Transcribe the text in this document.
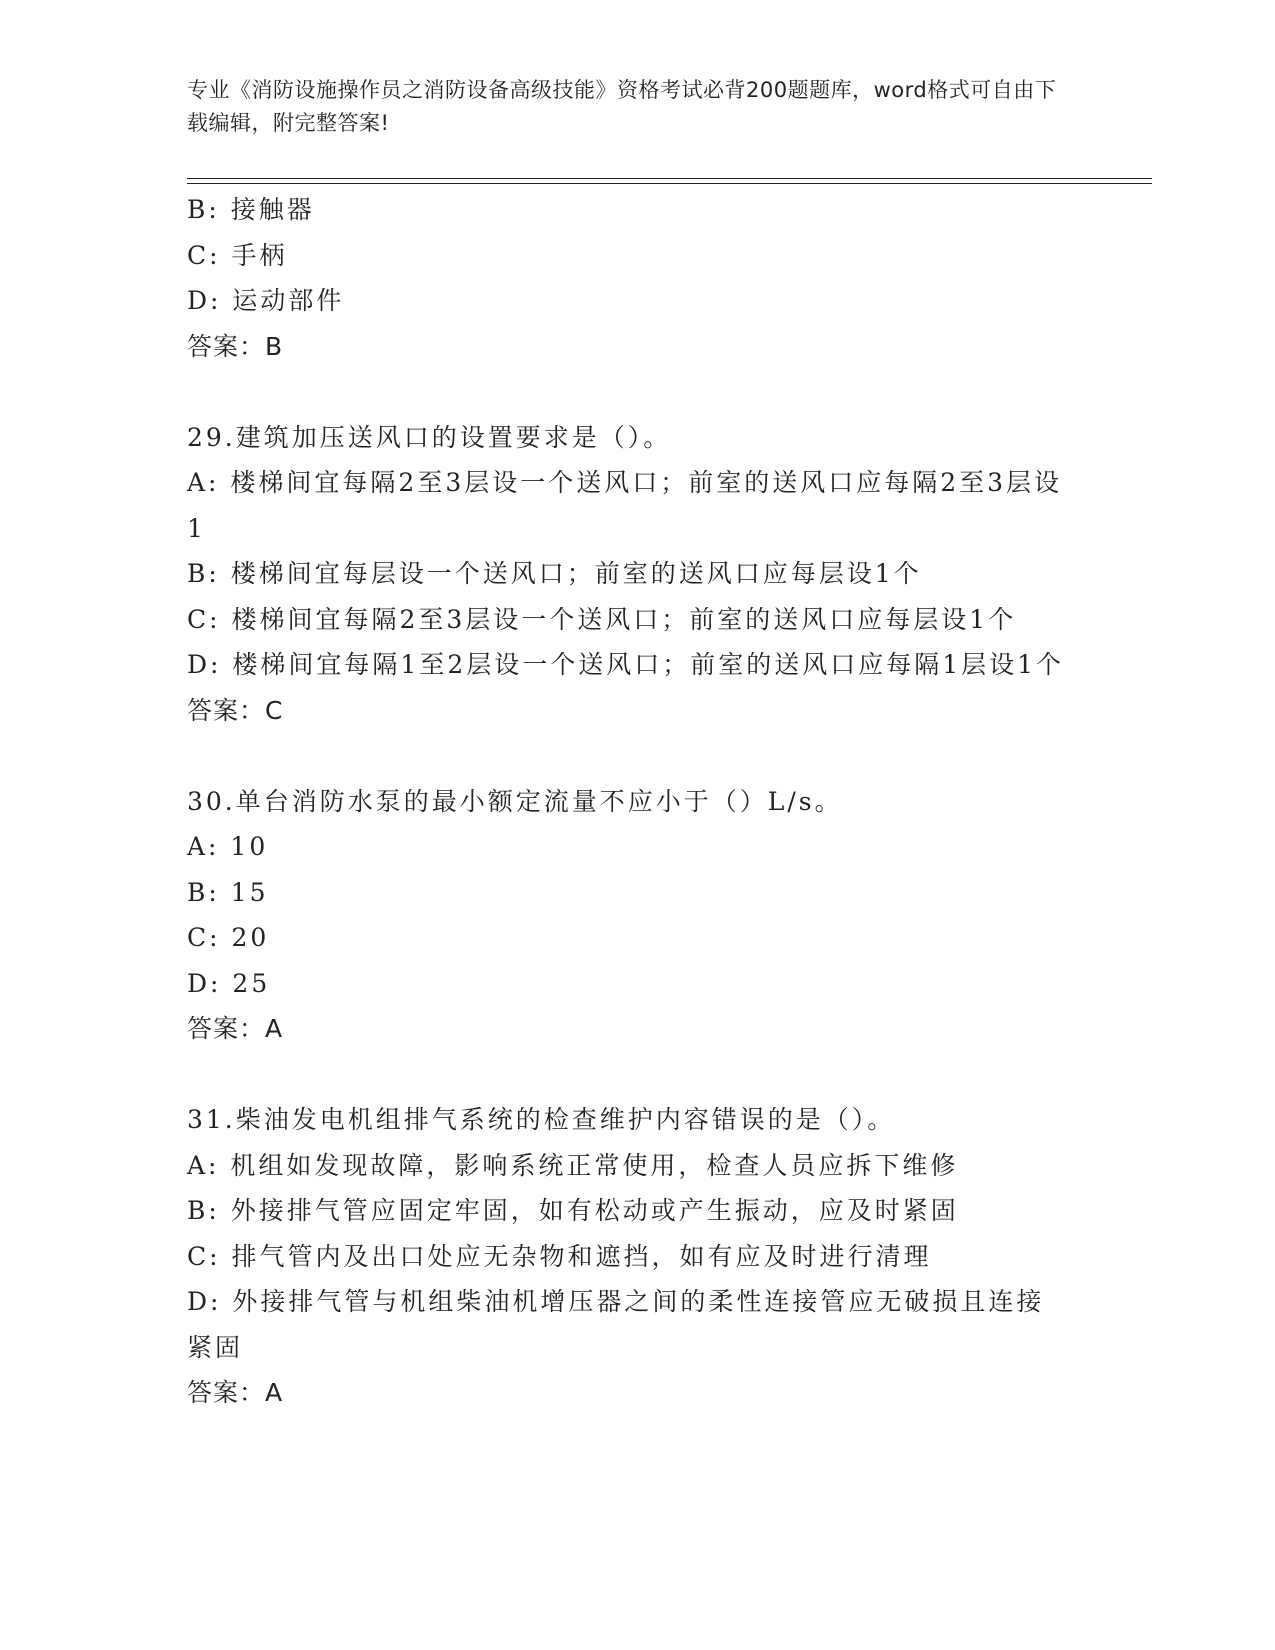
专业《消防设施操作员之消防设备高级技能》资格考试必背200题题库，word格式可自由下载编辑，附完整答案!
B: 接触器
C: 手柄
D: 运动部件
答案：B
29.建筑加压送风口的设置要求是（）。
A: 楼梯间宜每隔2至3层设一个送风口；前室的送风口应每隔2至3层设1
B: 楼梯间宜每层设一个送风口；前室的送风口应每层设1个
C: 楼梯间宜每隔2至3层设一个送风口；前室的送风口应每层设1个
D: 楼梯间宜每隔1至2层设一个送风口；前室的送风口应每隔1层设1个
答案：C
30.单台消防水泵的最小额定流量不应小于（）L/s。
A: 10
B: 15
C: 20
D: 25
答案：A
31.柴油发电机组排气系统的检查维护内容错误的是（）。
A: 机组如发现故障，影响系统正常使用，检查人员应拆下维修
B: 外接排气管应固定牢固，如有松动或产生振动，应及时紧固
C: 排气管内及出口处应无杂物和遮挡，如有应及时进行清理
D: 外接排气管与机组柴油机增压器之间的柔性连接管应无破损且连接紧固
答案：A
